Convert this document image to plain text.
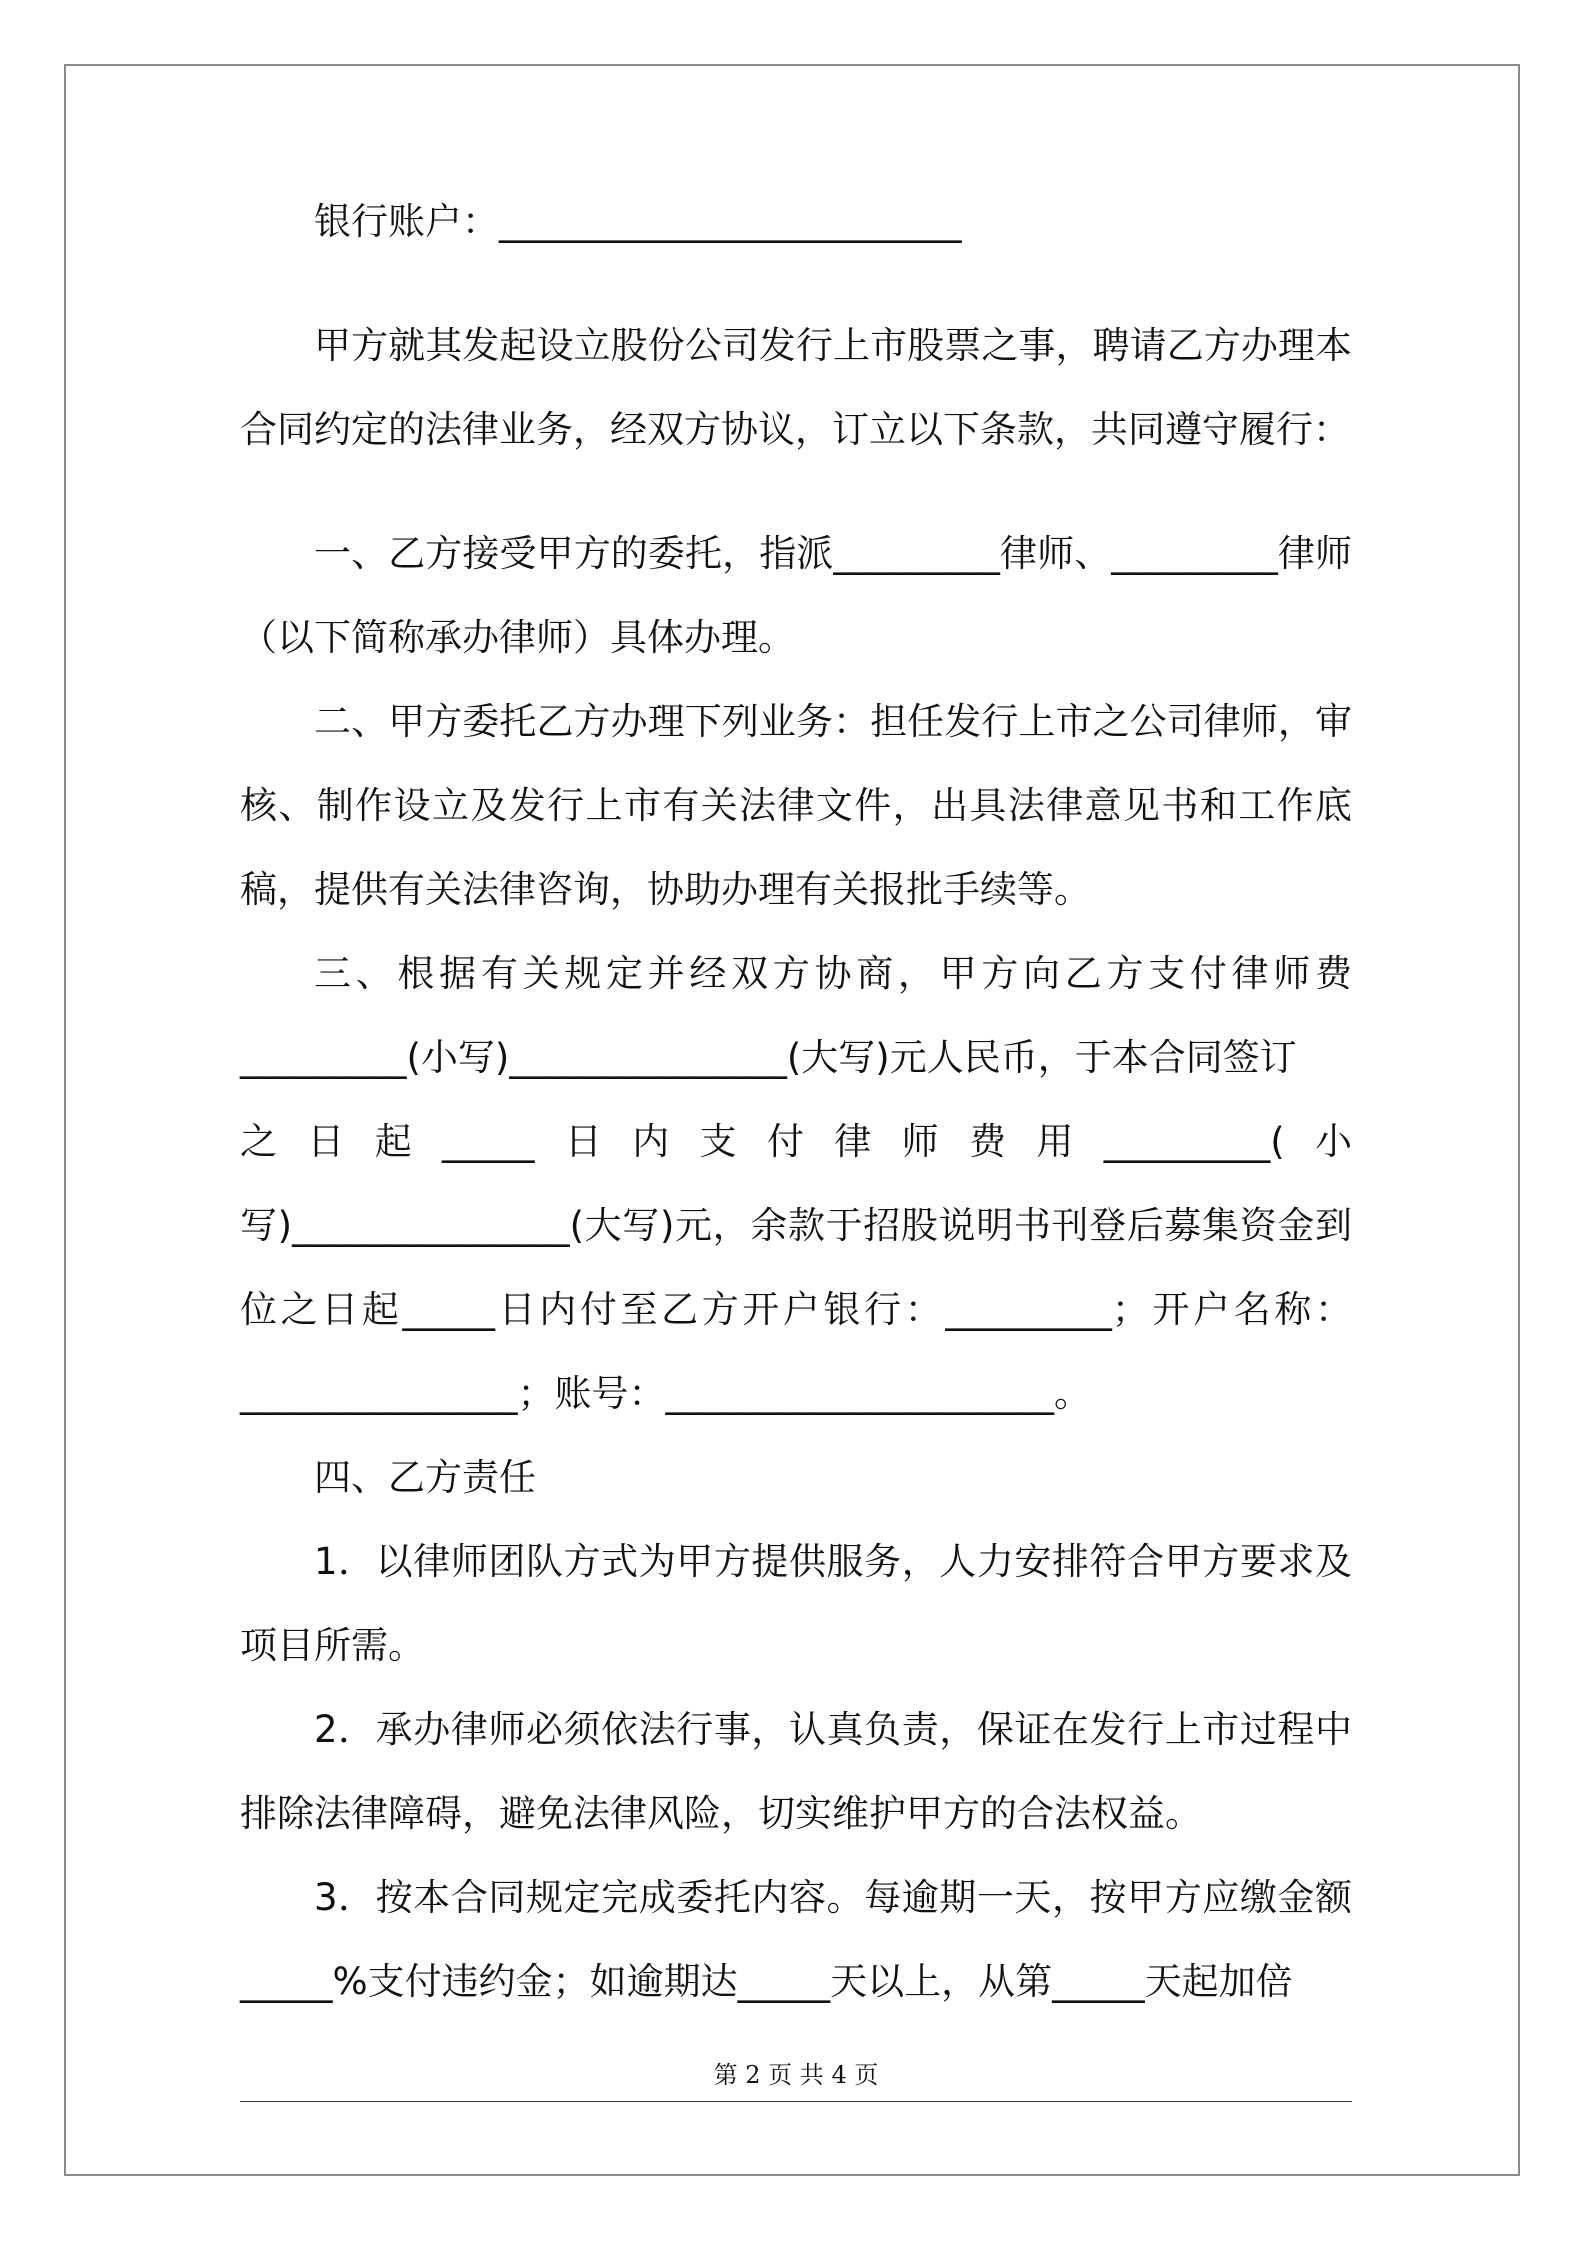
银行账户：_________________________

甲方就其发起设立股份公司发行上市股票之事，聘请乙方办理本合同约定的法律业务，经双方协议，订立以下条款，共同遵守履行：

一、乙方接受甲方的委托，指派_________律师、_________律师（以下简称承办律师）具体办理。

二、甲方委托乙方办理下列业务：担任发行上市之公司律师，审核、制作设立及发行上市有关法律文件，出具法律意见书和工作底稿，提供有关法律咨询，协助办理有关报批手续等。

三、根据有关规定并经双方协商，甲方向乙方支付律师费_________(小写)_______________(大写)元人民币，于本合同签订

之日起_____日内支付律师费用_________(小

写)_______________(大写)元，余款于招股说明书刊登后募集资金到位之日起_____日内付至乙方开户银行：_________；开户名称：_______________；账号：_____________________。

四、乙方责任

1．以律师团队方式为甲方提供服务，人力安排符合甲方要求及项目所需。

2．承办律师必须依法行事，认真负责，保证在发行上市过程中排除法律障碍，避免法律风险，切实维护甲方的合法权益。

3．按本合同规定完成委托内容。每逾期一天，按甲方应缴金额_____%支付违约金；如逾期达_____天以上，从第_____天起加倍

第 2 页 共 4 页
